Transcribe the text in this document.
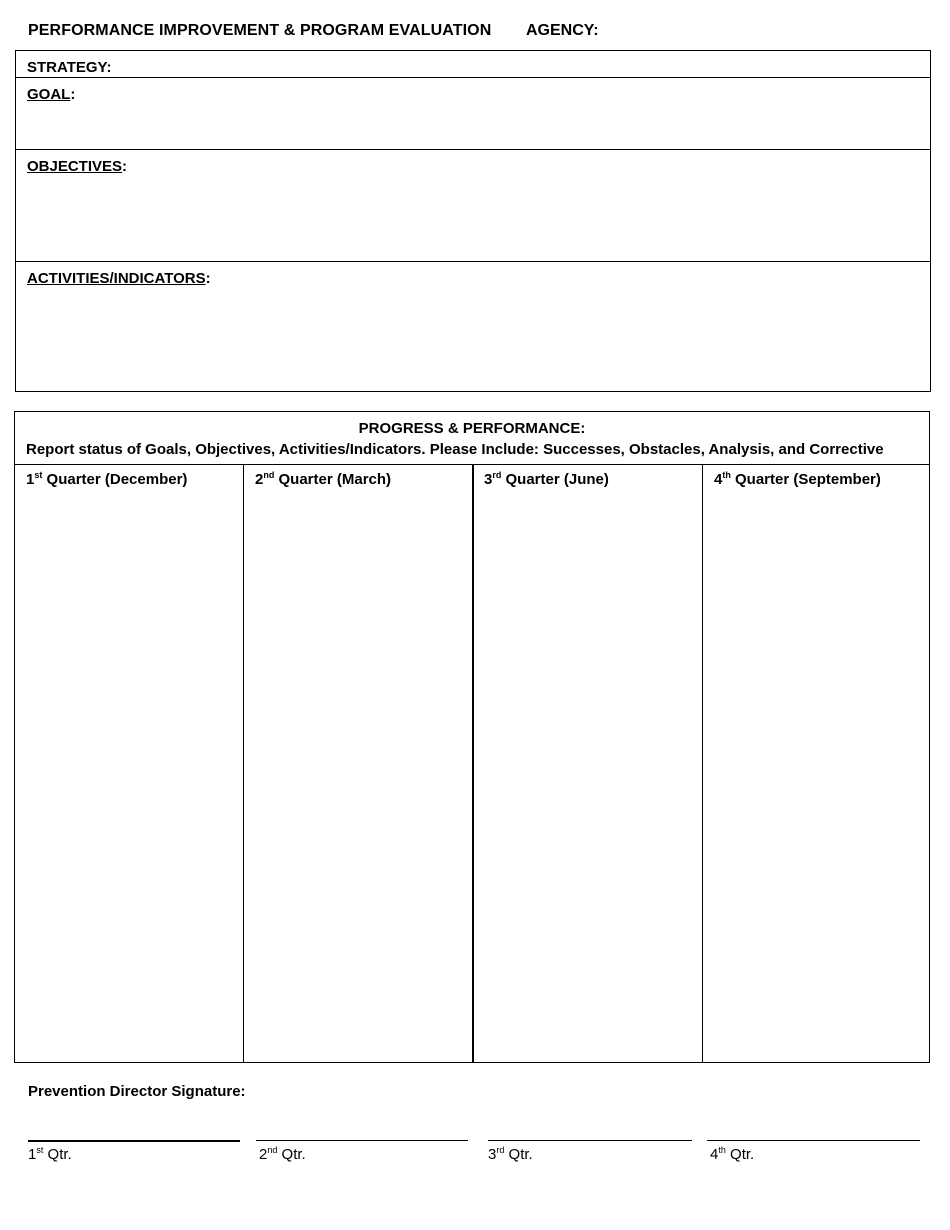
PERFORMANCE IMPROVEMENT & PROGRAM EVALUATION AGENCY:
STRATEGY:
GOAL:
OBJECTIVES:
ACTIVITIES/INDICATORS:
PROGRESS & PERFORMANCE:
Report status of Goals, Objectives, Activities/Indicators. Please Include: Successes, Obstacles, Analysis, and Corrective
1st Quarter (December)	2nd Quarter (March)	3rd Quarter (June)	4th Quarter (September)
Prevention Director Signature:
1st Qtr.	2nd Qtr.	3rd Qtr.	4th Qtr.
